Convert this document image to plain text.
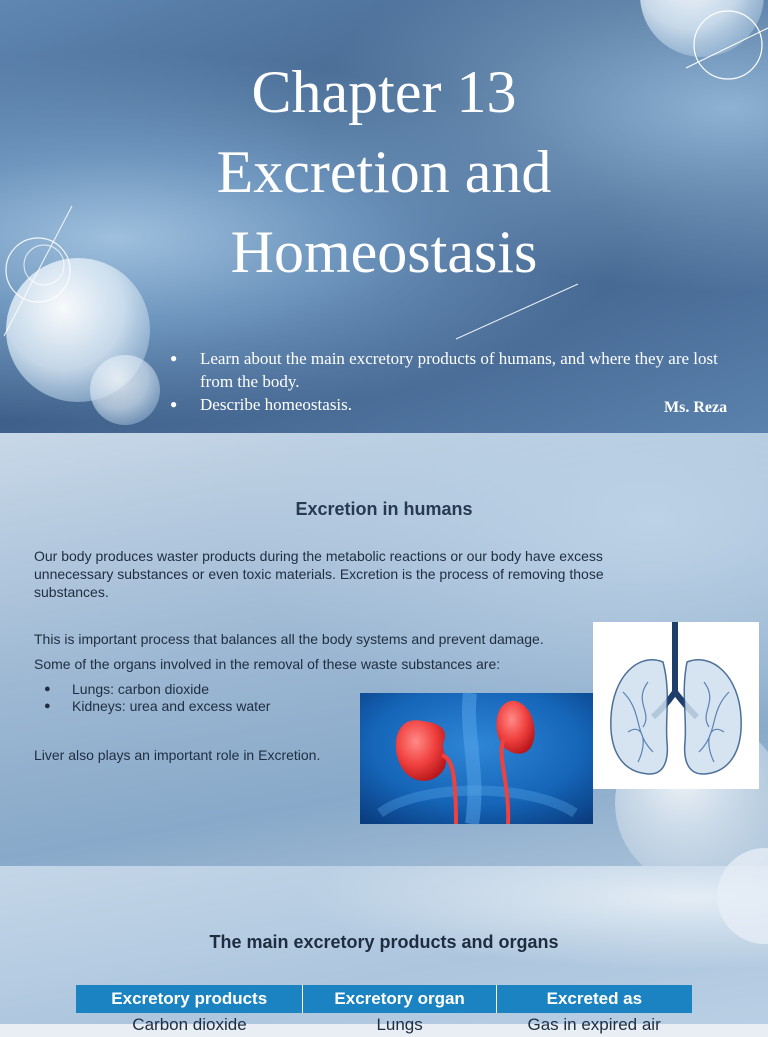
Chapter 13
Excretion and
Homeostasis
● Learn about the main excretory products of humans, and where they are lost from the body.
● Describe homeostasis.	Ms. Reza
Excretion in humans

Our body produces waster products during the metabolic reactions or our body have excess unnecessary substances or even toxic materials. Excretion is the process of removing those substances.

This is important process that balances all the body systems and prevent damage.

Some of the organs involved in the removal of these waste substances are:

● Lungs: carbon dioxide
● Kidneys: urea and excess water

Liver also plays an important role in Excretion.

The main excretory products and organs
Excretory products	Excretory organ	Excreted as
Carbon dioxide	Lungs	Gas in expired air
